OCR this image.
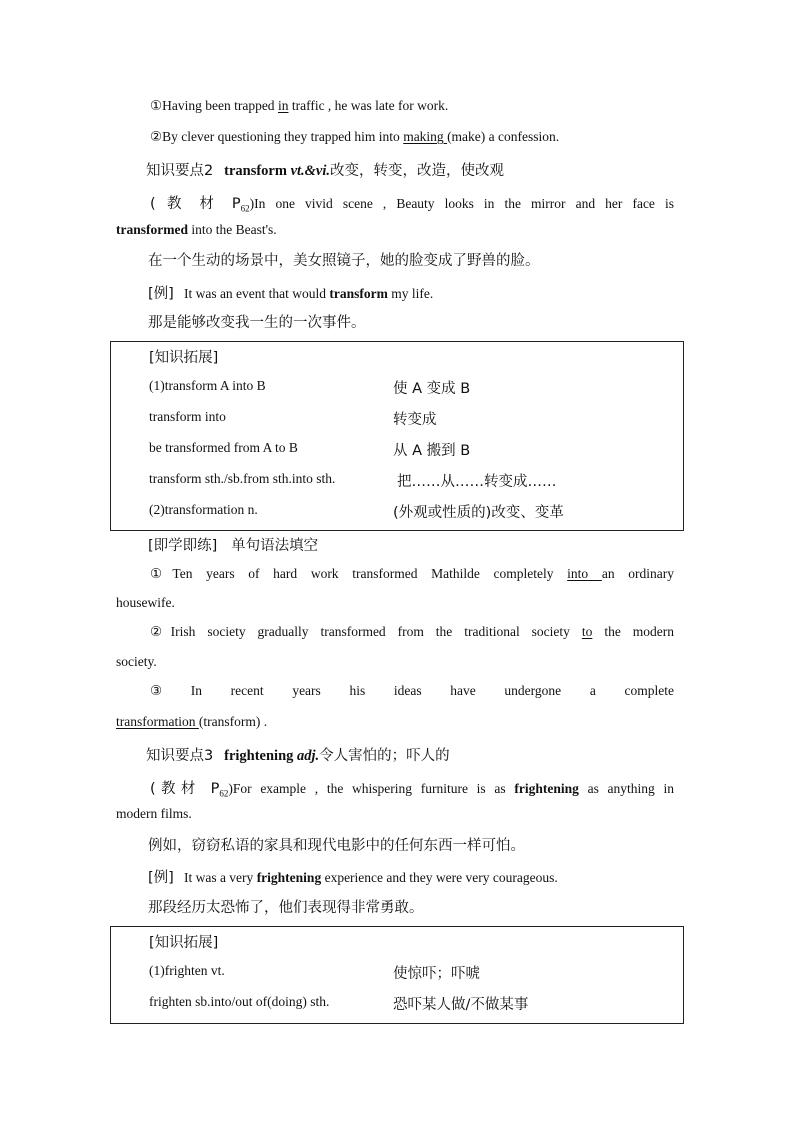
①Having been trapped in traffic , he was late for work.
②By clever questioning they trapped him into making (make) a confession.
知识要点2 transform vt.&vi.改变，转变，改造，使改观
( 教 材 $P_{62})In$ one vivid scene , Beauty looks in the mirror and her face is
transformed into the Beast's.
在一个生动的场景中，美女照镜子，她的脸变成了野兽的脸。
[例] It was an event that would transform my life.
那是能够改变我一生的一次事件。
[知识拓展]
(1)transform A into B	使 A 变成 B
transform into	转变成
be transformed from A to B	从 A 搬到 B
transform sth./sb.from sth.into sth.	把……从……转变成……
(2)transformation n.	(外观或性质的)改变、变革
[即学即练] 单句语法填空
①Ten years of hard work transformed Mathilde completely into an ordinary
housewife.
②Irish society gradually transformed from the traditional society to the modern
society.
③ In recent years his ideas have undergone a complete
transformation (transform) .
知识要点3 frightening adj.令人害怕的；吓人的
(教材 $P_{62})For$ example , the whispering furniture is as frightening as anything in
modern films.
例如，窃窃私语的家具和现代电影中的任何东西一样可怕。
[例] It was a very frightening experience and they were very courageous.
那段经历太恐怖了，他们表现得非常勇敢。
[知识拓展]
(1)frighten vt.	使惊吓；吓唬
frighten sb.into/out of(doing) sth.	恐吓某人做/不做某事
